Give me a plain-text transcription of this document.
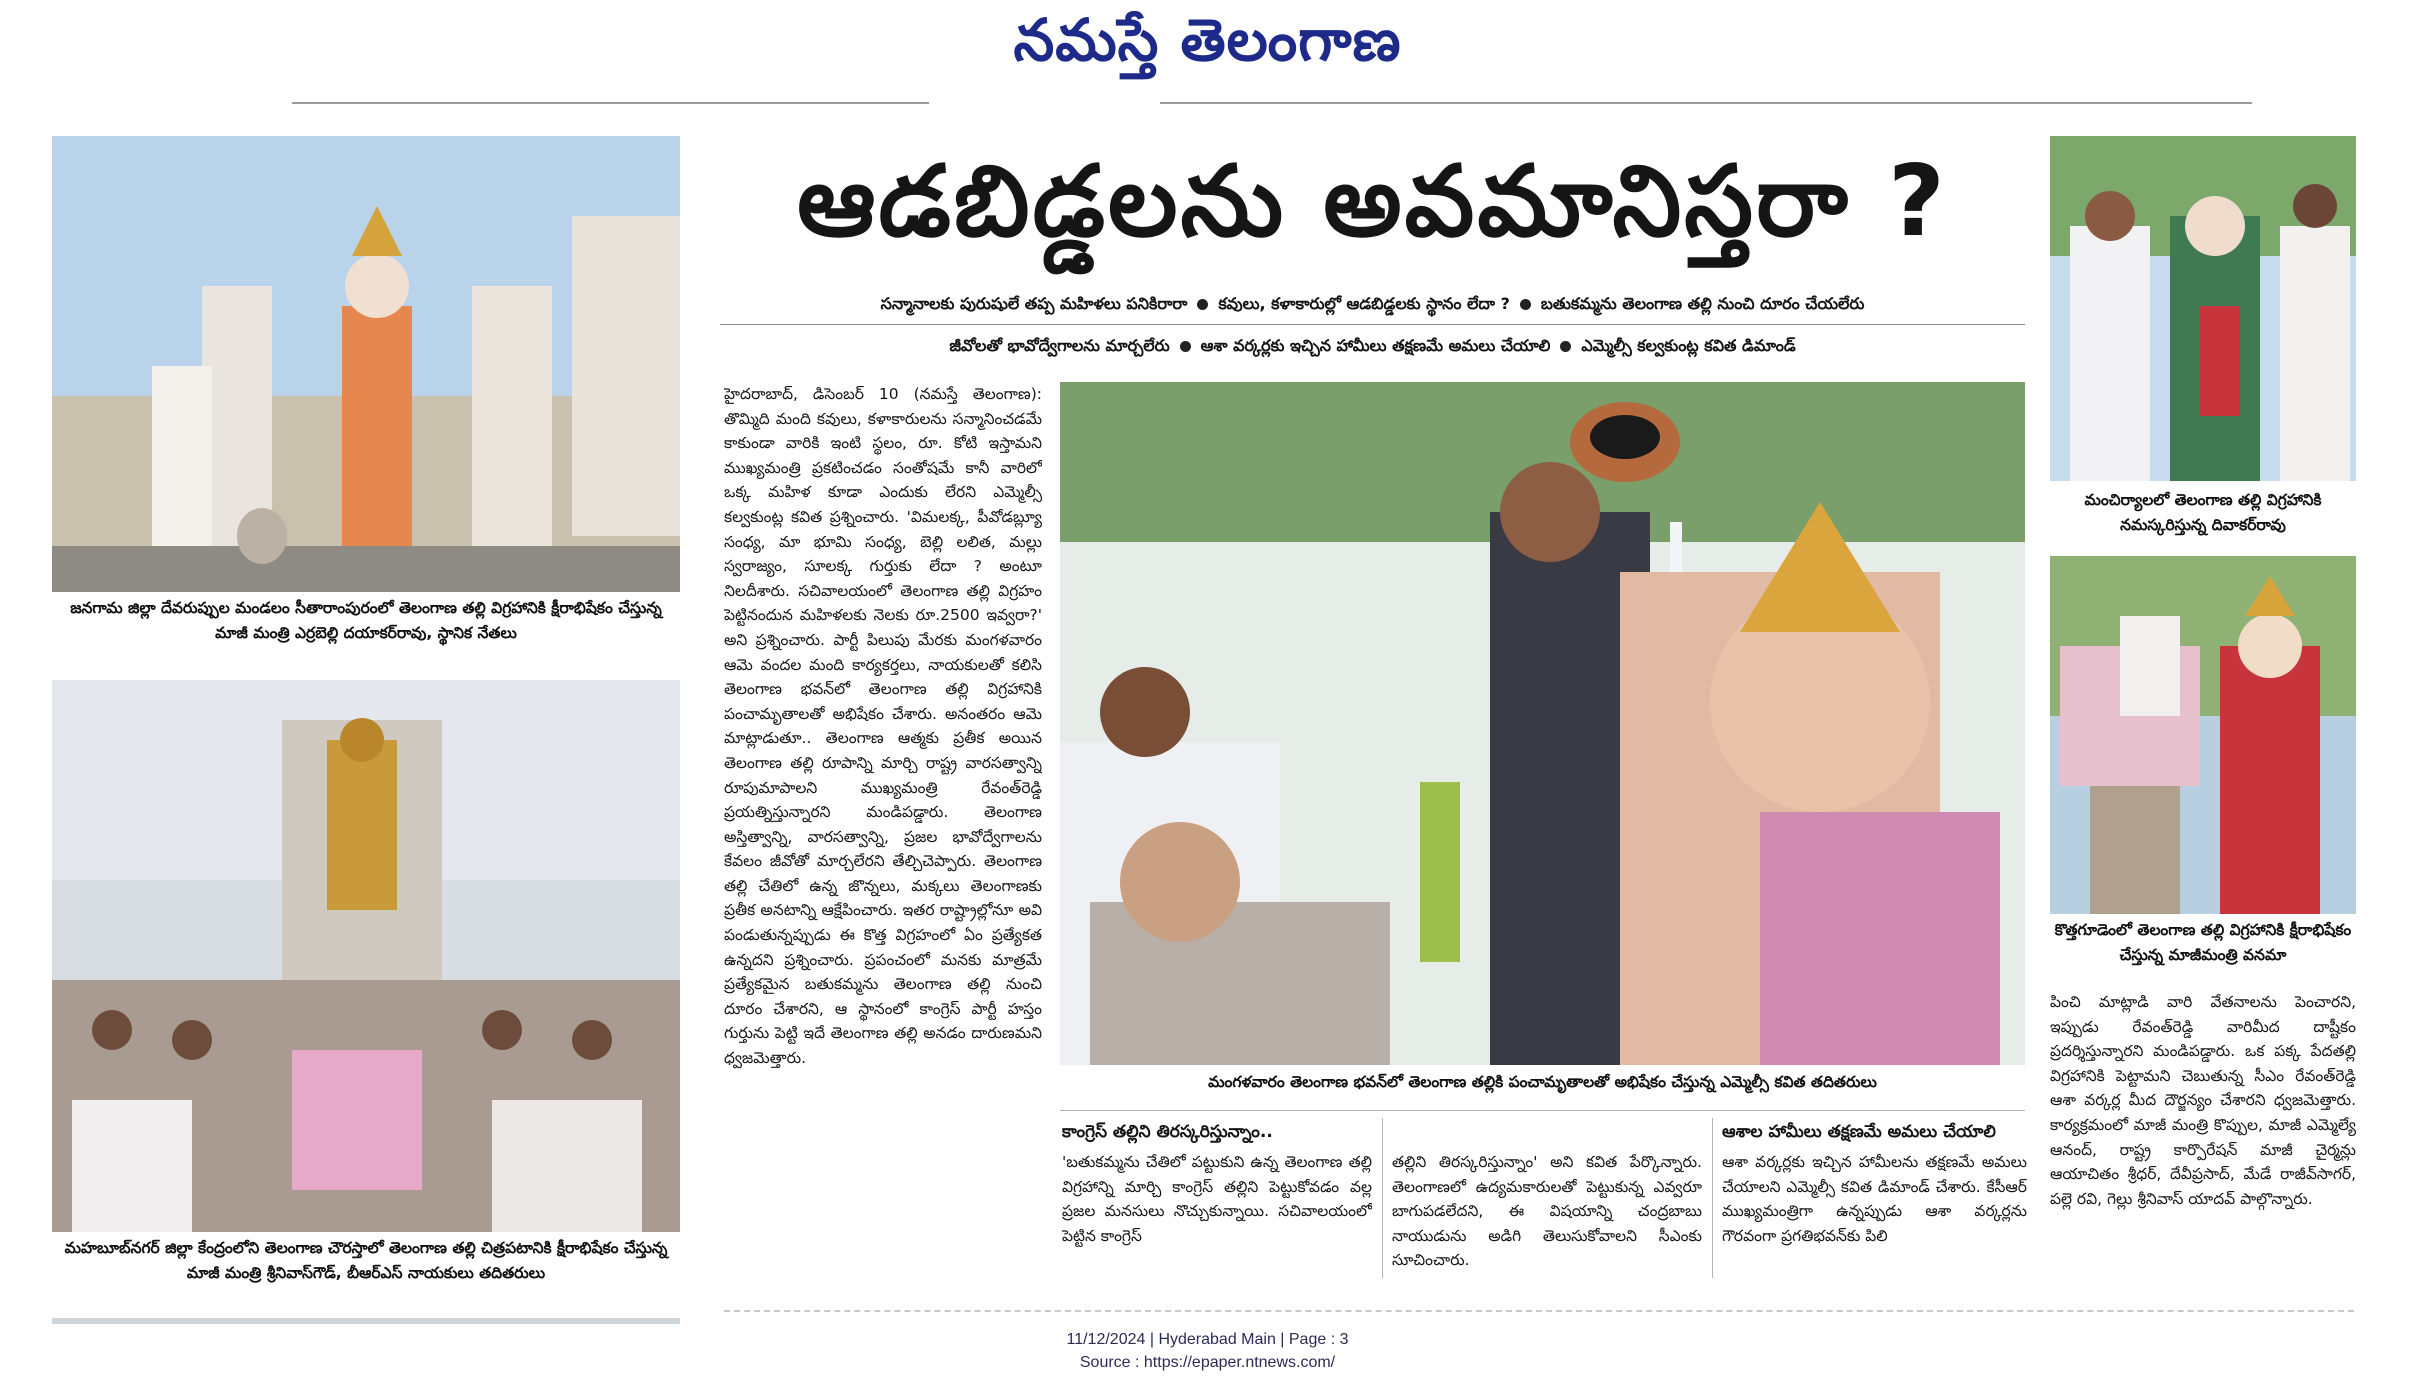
నమస్తే తెలంగాణ
జనగామ జిల్లా దేవరుప్పుల మండలం సీతారాంపురంలో తెలంగాణ తల్లి విగ్రహానికి క్షీరాభిషేకం చేస్తున్న మాజీ మంత్రి ఎర్రబెల్లి దయాకర్‌రావు, స్థానిక నేతలు
మహబూబ్‌నగర్ జిల్లా కేంద్రంలోని తెలంగాణ చౌరస్తాలో తెలంగాణ తల్లి చిత్రపటానికి క్షీరాభిషేకం చేస్తున్న మాజీ మంత్రి శ్రీనివాస్‌గౌడ్, బీఆర్‌ఎస్ నాయకులు తదితరులు
ఆడబిడ్డలను అవమానిస్తరా ?
సన్మానాలకు పురుషులే తప్ప మహిళలు పనికిరారా కవులు, కళాకారుల్లో ఆడబిడ్డలకు స్థానం లేదా ? బతుకమ్మను తెలంగాణ తల్లి నుంచి దూరం చేయలేరు
జీవోలతో భావోద్వేగాలను మార్చలేరు ఆశా వర్కర్లకు ఇచ్చిన హామీలు తక్షణమే అమలు చేయాలి ఎమ్మెల్సీ కల్వకుంట్ల కవిత డిమాండ్
మంగళవారం తెలంగాణ భవన్‌లో తెలంగాణ తల్లికి పంచామృతాలతో అభిషేకం చేస్తున్న ఎమ్మెల్సీ కవిత తదితరులు
హైదరాబాద్, డిసెంబర్ 10 (నమస్తే తెలంగాణ): తొమ్మిది మంది కవులు, కళాకారులను సన్మానించడమే కాకుండా వారికి ఇంటి స్థలం, రూ. కోటి ఇస్తామని ముఖ్యమంత్రి ప్రకటించడం సంతోషమే కానీ వారిలో ఒక్క మహిళ కూడా ఎందుకు లేరని ఎమ్మెల్సీ కల్వకుంట్ల కవిత ప్రశ్నించారు. 'విమలక్క, పీవోడబ్ల్యూ సంధ్య, మా భూమి సంధ్య, బెల్లి లలిత, మల్లు స్వరాజ్యం, సూలక్క గుర్తుకు లేదా ? అంటూ నిలదీశారు. సచివాలయంలో తెలంగాణ తల్లి విగ్రహం పెట్టినందున మహిళలకు నెలకు రూ.2500 ఇవ్వరా?' అని ప్రశ్నించారు. పార్టీ పిలుపు మేరకు మంగళవారం ఆమె వందల మంది కార్యకర్తలు, నాయకులతో కలిసి తెలంగాణ భవన్‌లో తెలంగాణ తల్లి విగ్రహానికి పంచామృతాలతో అభిషేకం చేశారు. అనంతరం ఆమె మాట్లాడుతూ.. తెలంగాణ ఆత్మకు ప్రతీక అయిన తెలంగాణ తల్లి రూపాన్ని మార్చి రాష్ట్ర వారసత్వాన్ని రూపుమాపాలని ముఖ్యమంత్రి రేవంత్‌రెడ్డి ప్రయత్నిస్తున్నారని మండిపడ్డారు. తెలంగాణ అస్తిత్వాన్ని, వారసత్వాన్ని, ప్రజల భావోద్వేగాలను కేవలం జీవోతో మార్చలేరని తేల్చిచెప్పారు. తెలంగాణ తల్లి చేతిలో ఉన్న జొన్నలు, మక్కలు తెలంగాణకు ప్రతీక అనటాన్ని ఆక్షేపించారు. ఇతర రాష్ట్రాల్లోనూ అవి పండుతున్నప్పుడు ఈ కొత్త విగ్రహంలో ఏం ప్రత్యేకత ఉన్నదని ప్రశ్నించారు. ప్రపంచంలో మనకు మాత్రమే ప్రత్యేకమైన బతుకమ్మను తెలంగాణ తల్లి నుంచి దూరం చేశారని, ఆ స్థానంలో కాంగ్రెస్ పార్టీ హస్తం గుర్తును పెట్టి ఇదే తెలంగాణ తల్లి అనడం దారుణమని ధ్వజమెత్తారు.
కాంగ్రెస్ తల్లిని తిరస్కరిస్తున్నాం..
'బతుకమ్మను చేతిలో పట్టుకుని ఉన్న తెలంగాణ తల్లి విగ్రహాన్ని మార్చి కాంగ్రెస్ తల్లిని పెట్టుకోవడం వల్ల ప్రజల మనసులు నొచ్చుకున్నాయి. సచివాలయంలో పెట్టిన కాంగ్రెస్
తల్లిని తిరస్కరిస్తున్నాం' అని కవిత పేర్కొన్నారు. తెలంగాణలో ఉద్యమకారులతో పెట్టుకున్న ఎవ్వరూ బాగుపడలేదని, ఈ విషయాన్ని చంద్రబాబు నాయుడును అడిగి తెలుసుకోవాలని సీఎంకు సూచించారు.
ఆశాల హామీలు తక్షణమే అమలు చేయాలి
ఆశా వర్కర్లకు ఇచ్చిన హామీలను తక్షణమే అమలు చేయాలని ఎమ్మెల్సీ కవిత డిమాండ్ చేశారు. కేసీఆర్ ముఖ్యమంత్రిగా ఉన్నప్పుడు ఆశా వర్కర్లను గౌరవంగా ప్రగతిభవన్‌కు పిలి
మంచిర్యాలలో తెలంగాణ తల్లి విగ్రహానికి నమస్కరిస్తున్న దివాకర్‌రావు
కొత్తగూడెంలో తెలంగాణ తల్లి విగ్రహానికి క్షీరాభిషేకం చేస్తున్న మాజీమంత్రి వనమా
పించి మాట్లాడి వారి వేతనాలను పెంచారని, ఇప్పుడు రేవంత్‌రెడ్డి వారిమీద దాష్టీకం ప్రదర్శిస్తున్నారని మండిపడ్డారు. ఒక పక్క పేదతల్లి విగ్రహానికి పెట్టామని చెబుతున్న సీఎం రేవంత్‌రెడ్డి ఆశా వర్కర్ల మీద దౌర్జన్యం చేశారని ధ్వజమెత్తారు. కార్యక్రమంలో మాజీ మంత్రి కొప్పుల, మాజీ ఎమ్మెల్యే ఆనంద్, రాష్ట్ర కార్పొరేషన్ మాజీ చైర్మన్లు ఆయాచితం శ్రీధర్, దేవీప్రసాద్, మేడే రాజీవ్‌సాగర్, పల్లె రవి, గెల్లు శ్రీనివాస్ యాదవ్ పాల్గొన్నారు.
11/12/2024 | Hyderabad Main | Page : 3
Source : https://epaper.ntnews.com/
